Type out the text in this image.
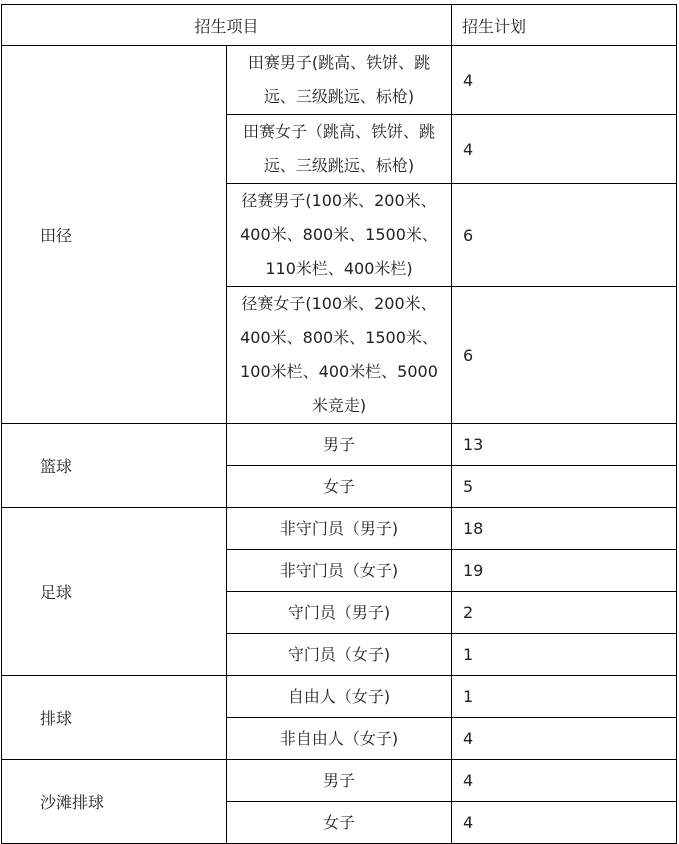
招生项目		招生计划
田径	田赛男子(跳高、铁饼、跳远、三级跳远、标枪)	4
	田赛女子（跳高、铁饼、跳远、三级跳远、标枪)	4
	径赛男子(100米、200米、400米、800米、1500米、110米栏、400米栏)	6
	径赛女子(100米、200米、400米、800米、1500米、100米栏、400米栏、5000米竞走)	6
篮球	男子	13
	女子	5
足球	非守门员（男子)	18
	非守门员（女子)	19
	守门员（男子)	2
	守门员（女子)	1
排球	自由人（女子)	1
	非自由人（女子)	4
沙滩排球	男子	4
	女子	4
